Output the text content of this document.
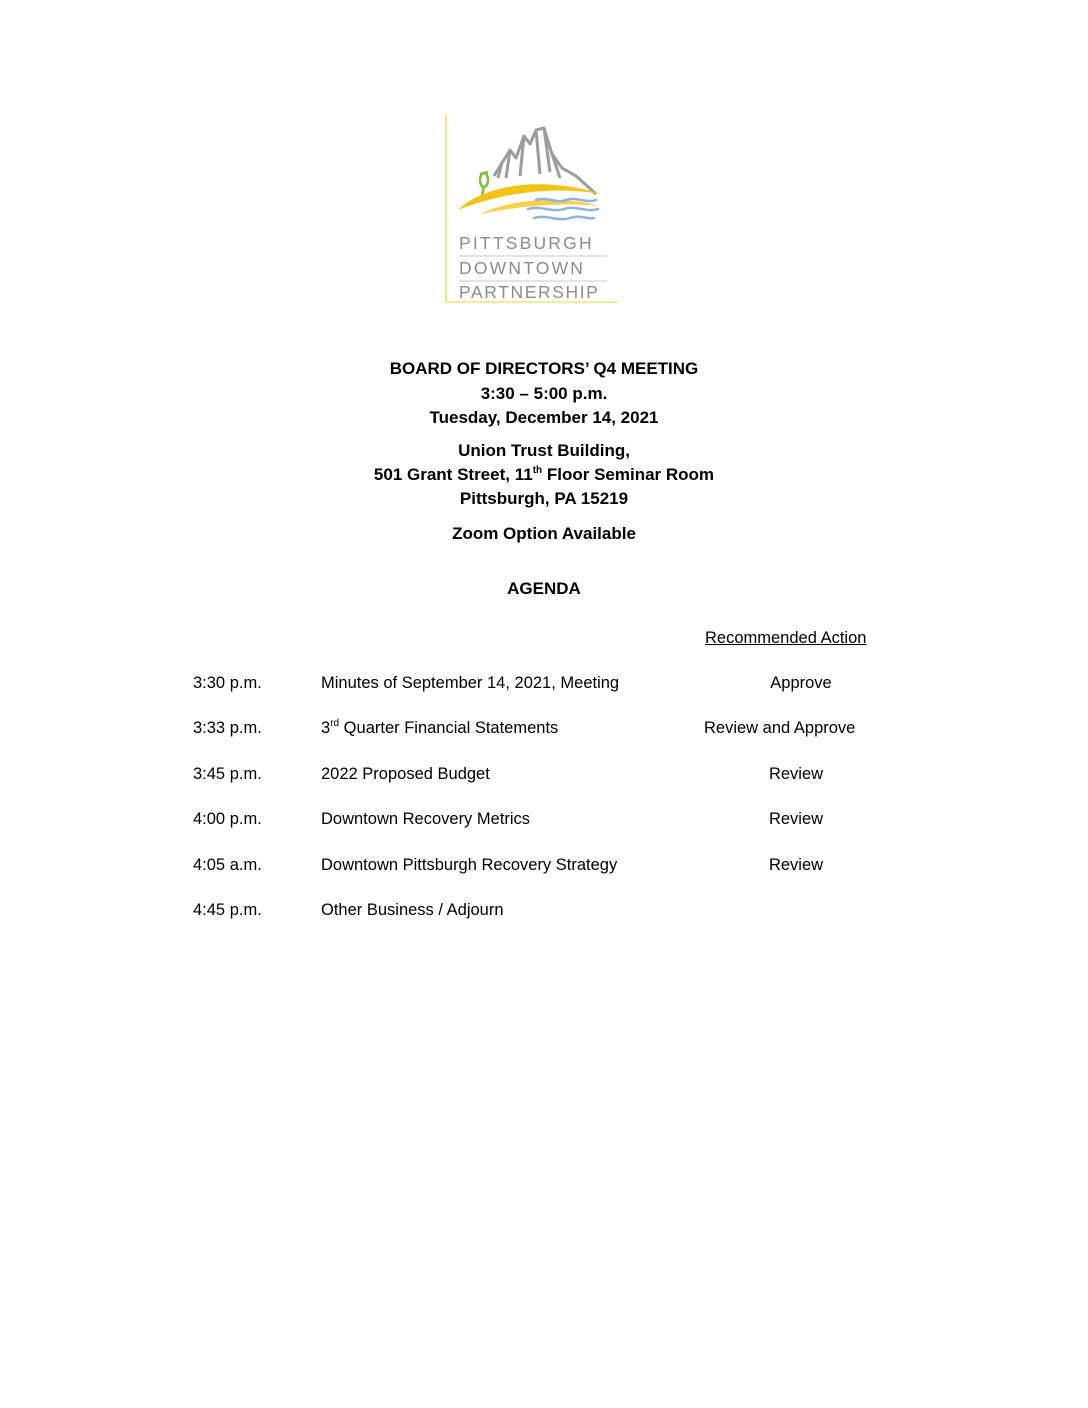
PITTSBURGH
DOWNTOWN
PARTNERSHIP
BOARD OF DIRECTORS’ Q4 MEETING
3:30 – 5:00 p.m.
Tuesday, December 14, 2021
Union Trust Building,
501 Grant Street, 11th Floor Seminar Room
Pittsburgh, PA 15219
Zoom Option Available
AGENDA
Recommended Action
3:30 p.m.	Minutes of September 14, 2021, Meeting	Approve
3:33 p.m.	3rd Quarter Financial Statements	Review and Approve
3:45 p.m.	2022 Proposed Budget	Review
4:00 p.m.	Downtown Recovery Metrics	Review
4:05 a.m.	Downtown Pittsburgh Recovery Strategy	Review
4:45 p.m.	Other Business / Adjourn
